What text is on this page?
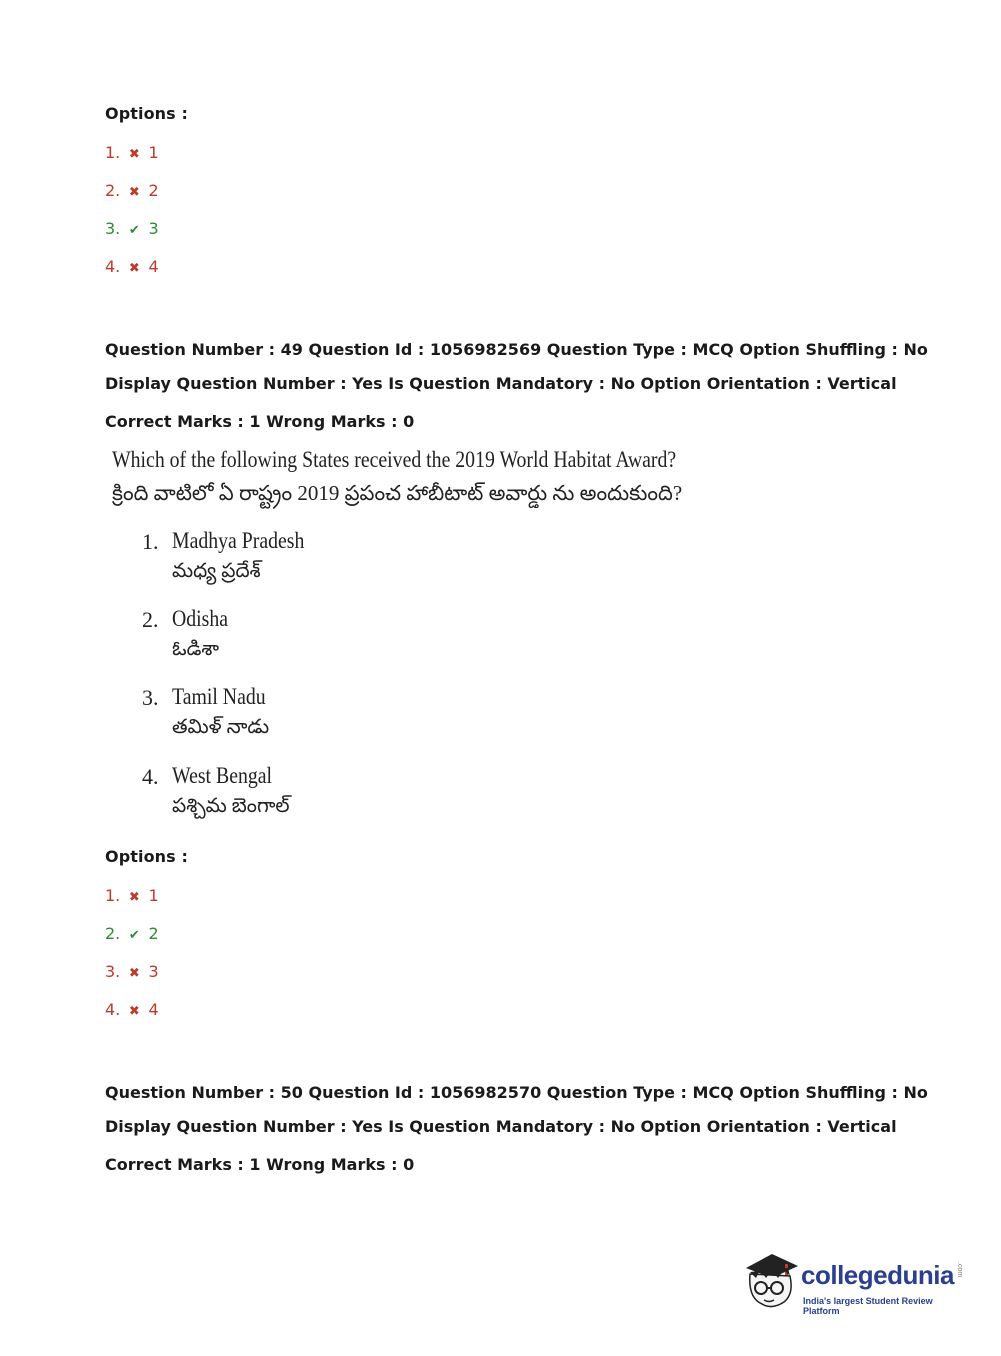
Options :
1. ✖ 1
2. ✖ 2
3. ✔ 3
4. ✖ 4
Question Number : 49 Question Id : 1056982569 Question Type : MCQ Option Shuffling : No
Display Question Number : Yes Is Question Mandatory : No Option Orientation : Vertical
Correct Marks : 1 Wrong Marks : 0
Which of the following States received the 2019 World Habitat Award?
క్రింది వాటిలో ఏ రాష్ట్రం 2019 ప్రపంచ హాబీటాట్ అవార్డు ను అందుకుంది?
1. Madhya Pradesh
మధ్య ప్రదేశ్
2. Odisha
ఓడిశా
3. Tamil Nadu
తమిళ్ నాడు
4. West Bengal
పశ్చిమ బెంగాల్
Options :
1. ✖ 1
2. ✔ 2
3. ✖ 3
4. ✖ 4
Question Number : 50 Question Id : 1056982570 Question Type : MCQ Option Shuffling : No
Display Question Number : Yes Is Question Mandatory : No Option Orientation : Vertical
Correct Marks : 1 Wrong Marks : 0
collegedunia .com
India's largest Student Review Platform
